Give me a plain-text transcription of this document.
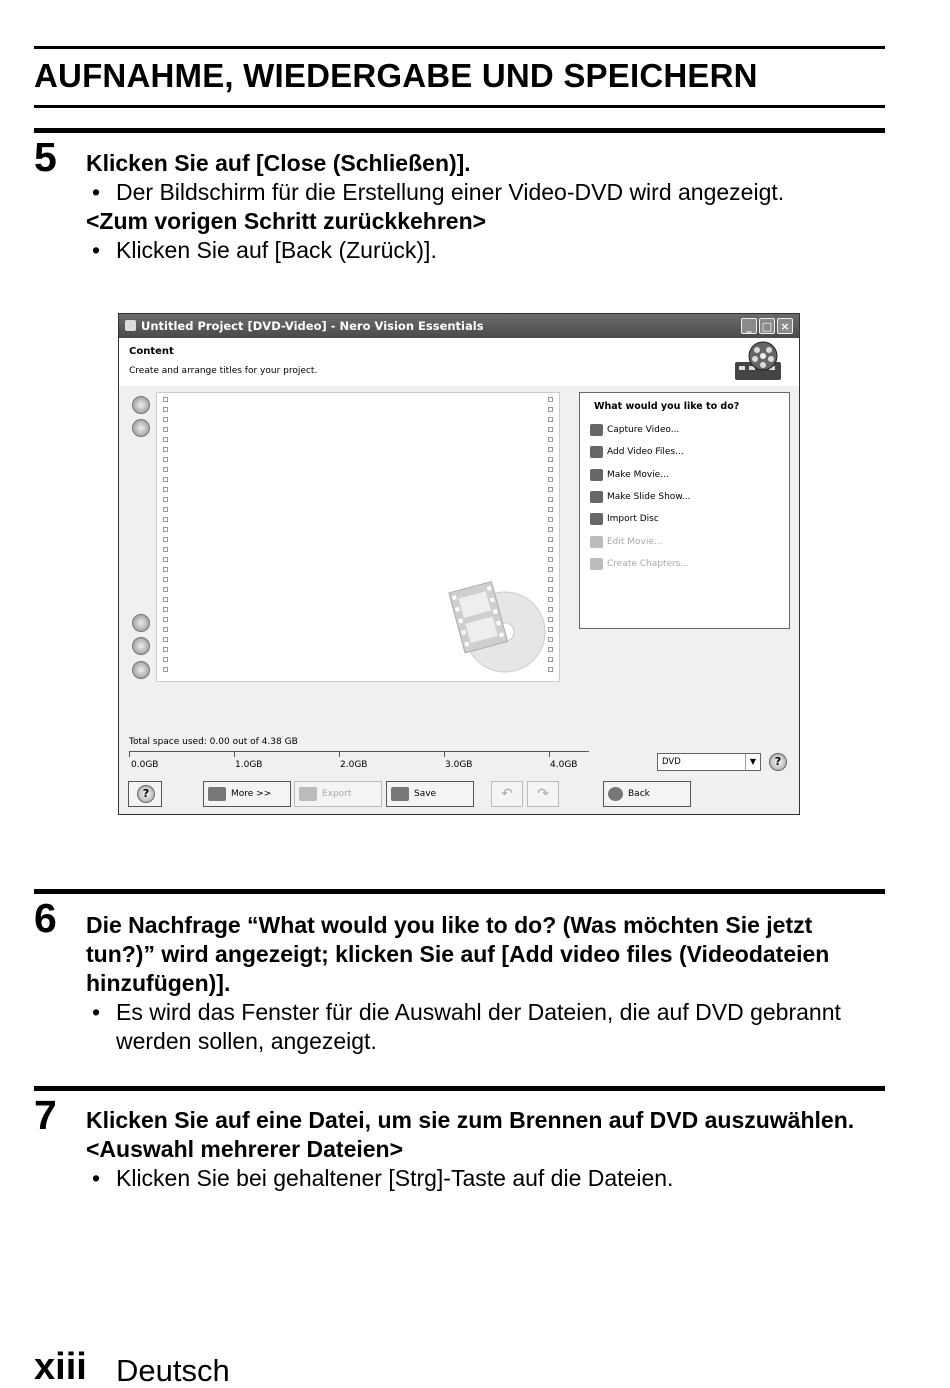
AUFNAHME, WIEDERGABE UND SPEICHERN
5 Klicken Sie auf [Close (Schließen)].
• Der Bildschirm für die Erstellung einer Video-DVD wird angezeigt.
<Zum vorigen Schritt zurückkehren>
• Klicken Sie auf [Back (Zurück)].
Untitled Project [DVD-Video] - Nero Vision Essentials	_ □ ×
Content
Create and arrange titles for your project.
What would you like to do?
Capture Video...
Add Video Files...
Make Movie...
Make Slide Show...
Import Disc
Edit Movie...
Create Chapters...
Total space used: 0.00 out of 4.38 GB
0.0GB	1.0GB	2.0GB	3.0GB	4.0GB	DVD	▼	?
?	More >>	Export	Save	↶	↷	Back
6 Die Nachfrage “What would you like to do? (Was möchten Sie jetzt tun?)” wird angezeigt; klicken Sie auf [Add video files (Videodateien hinzufügen)].
• Es wird das Fenster für die Auswahl der Dateien, die auf DVD gebrannt werden sollen, angezeigt.
7 Klicken Sie auf eine Datei, um sie zum Brennen auf DVD auszuwählen.
<Auswahl mehrerer Dateien>
• Klicken Sie bei gehaltener [Strg]-Taste auf die Dateien.
xiii Deutsch
